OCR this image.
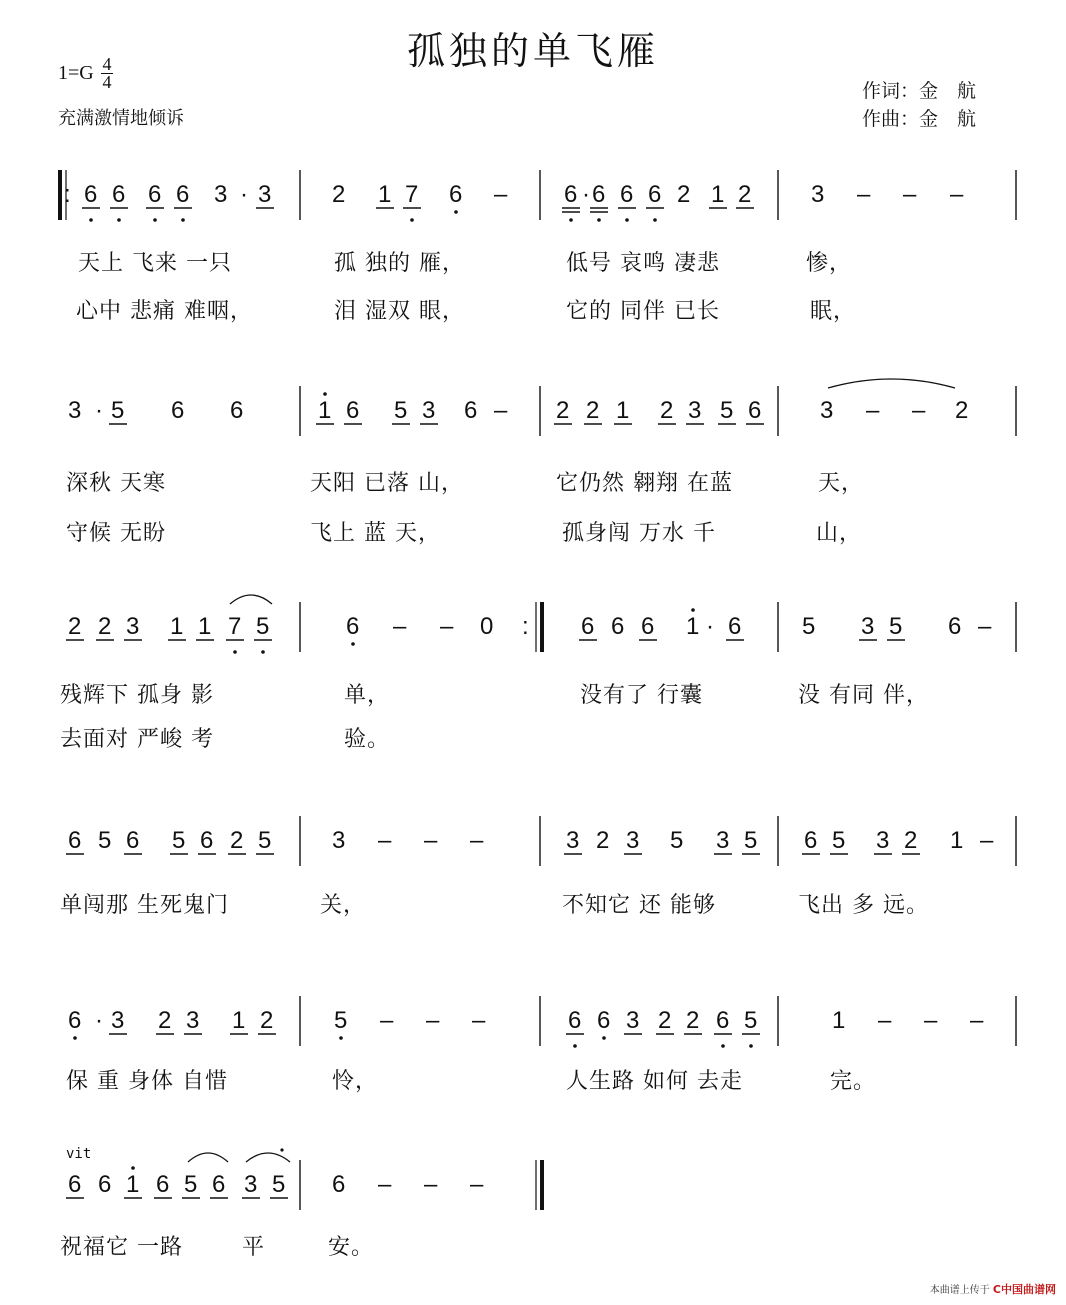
孤独的单飞雁
1=G 4
4
充满激情地倾诉
作词：金　航
作曲：金　航
: 6 6 6 6 3 · 3	2 1 7 6 – 6 · 6 6 6 2 1 2 3 – – –
3 · 5 6 6	1 6 5 3 6 – 2 2 1 2 3 5 6 3 – – 2
2 2 3 1 1 7 5	6 – – 0 : 6 6 6 1 · 6	5 3 5 6 –
6 5 6 5 6 2 5	3 – – –	3 2 3 5 3 5 6 5 3 2 1 –
6 · 3 2 3 1 2	5 – – –	6 6 3 2 2 6 5	1 – – –
6 6 1 6 5 6 3 5 6 – – –
天上 飞来 一只	孤 独的 雁，	低号 哀鸣 凄悲	惨，
心中 悲痛 难咽，	泪 湿双 眼，	它的 同伴 已长	眠，
深秋 天寒	天阳 已落 山，	它仍然 翱翔 在蓝	天，
守候 无盼	飞上 蓝 天，	孤身闯 万水 千	山，
残辉下 孤身 影	单，	没有了 行囊	没 有同 伴，
去面对 严峻 考	验。
单闯那 生死鬼门	关，	不知它 还 能够	飞出 多 远。
保 重 身体 自惜	怜，	人生路 如何 去走	完。
祝福它 一路	平	安。
vit
本曲谱上传于 C中国曲谱网
